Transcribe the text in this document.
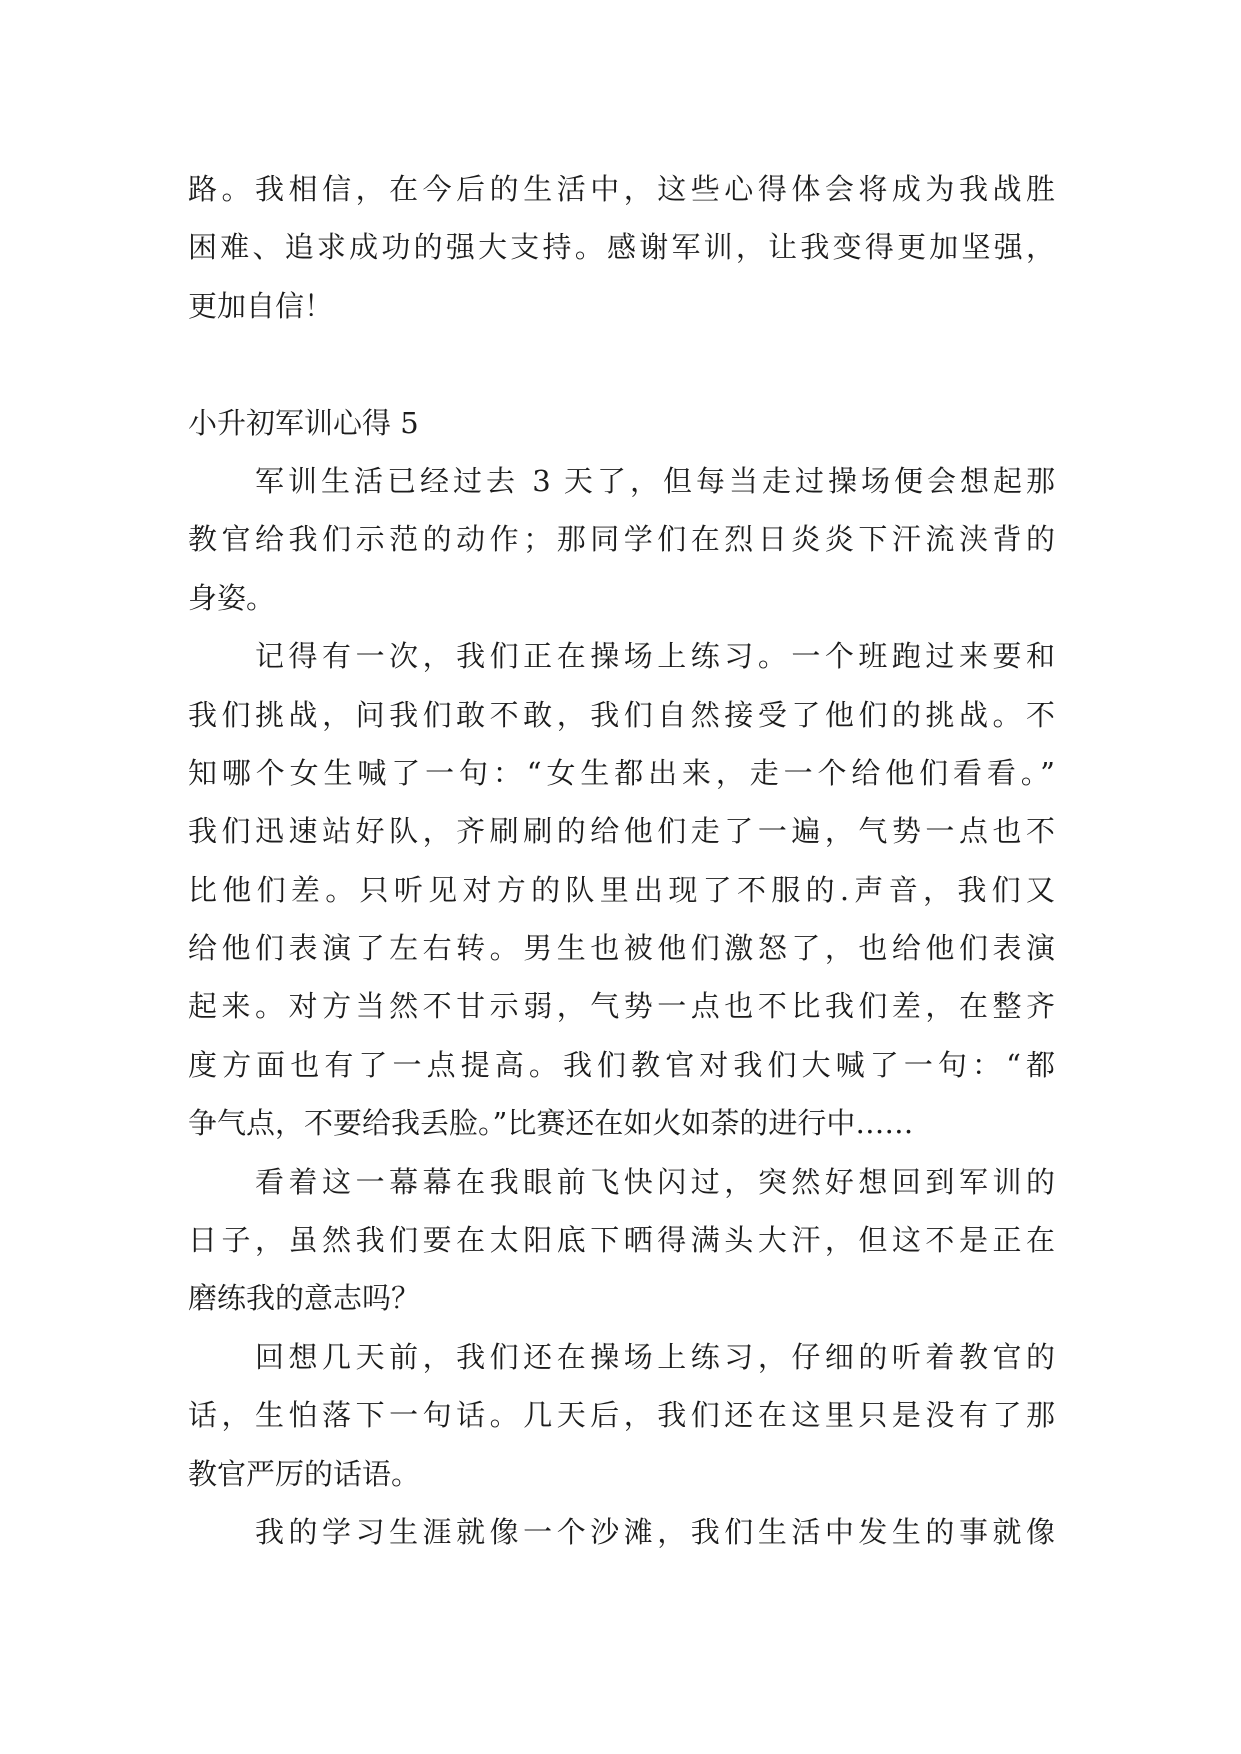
路。我相信，在今后的生活中，这些心得体会将成为我战胜
困难、追求成功的强大支持。感谢军训，让我变得更加坚强，
更加自信！
小升初军训心得 5
军训生活已经过去 3 天了，但每当走过操场便会想起那
教官给我们示范的动作；那同学们在烈日炎炎下汗流浃背的
身姿。
记得有一次，我们正在操场上练习。一个班跑过来要和
我们挑战，问我们敢不敢，我们自然接受了他们的挑战。不
知哪个女生喊了一句：“女生都出来，走一个给他们看看。”
我们迅速站好队，齐刷刷的给他们走了一遍，气势一点也不
比他们差。只听见对方的队里出现了不服的.声音，我们又
给他们表演了左右转。男生也被他们激怒了，也给他们表演
起来。对方当然不甘示弱，气势一点也不比我们差，在整齐
度方面也有了一点提高。我们教官对我们大喊了一句：“都
争气点，不要给我丢脸。”比赛还在如火如荼的进行中……
看着这一幕幕在我眼前飞快闪过，突然好想回到军训的
日子，虽然我们要在太阳底下晒得满头大汗，但这不是正在
磨练我的意志吗？
回想几天前，我们还在操场上练习，仔细的听着教官的
话，生怕落下一句话。几天后，我们还在这里只是没有了那
教官严厉的话语。
我的学习生涯就像一个沙滩，我们生活中发生的事就像
